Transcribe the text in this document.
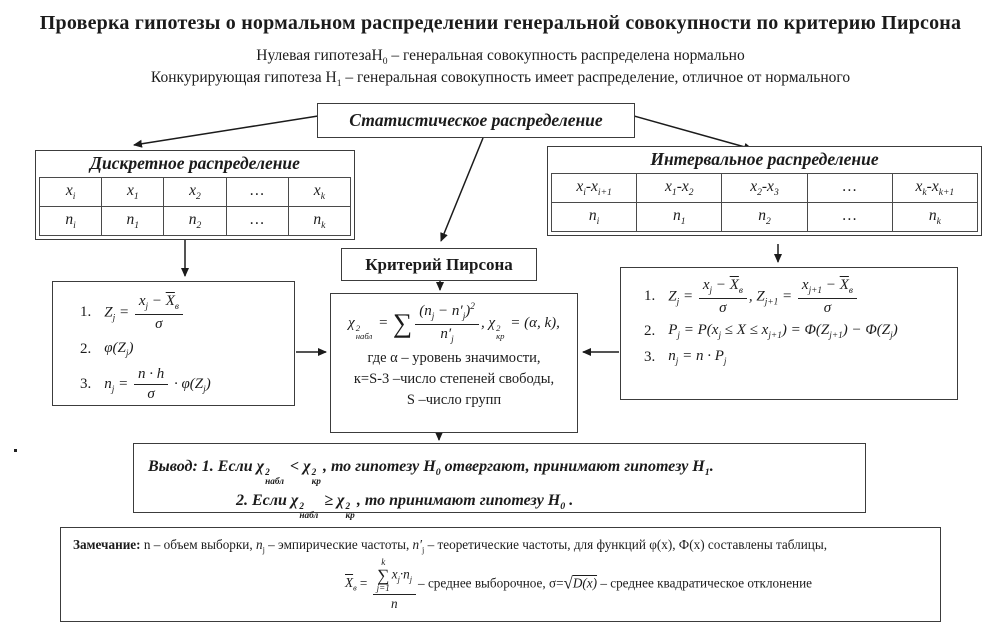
Проверка гипотезы о нормальном распределении генеральной совокупности по критерию Пирсона
Нулевая гипотезаН$_0$ – генеральная совокупность распределена нормально
Конкурирующая гипотеза $Н_1$ – генеральная совокупность имеет распределение, отличное от нормального
Статистическое распределение
Дискретное распределение
$x_i$	$x_1$	$x_2$	…	$x_k$
$n_i$	$n_1$	$n_2$	…	$n_k$
Интервальное распределение
$x_i-x_{i+1}$	$x_1-x_2$	$x_2-x_3$	…	$x_k-x_{k+1}$
$n_i$	$n_1$	$n_2$	…	$n_k$
Критерий Пирсона
1. $Z_j = \frac{x_j - \overline{X}_в}{\sigma}$
2. $\varphi(Z_j)$
3. $n_j = \frac{n \cdot h}{\sigma} \cdot \varphi(Z_j)$
χ 2
набл
= ∑ $\frac{(n_j - n'_j)^2}{n'_j}$ , χ 2
кр
= (α, k),
где α – уровень значимости,
к=S-3 –число степеней свободы,
S –число групп
1. $Z_j = \frac{x_j - \overline{X}_в}{\sigma}$ , $Z_{j+1} = \frac{x_{j+1} - \overline{X}_в}{\sigma}$
2. $P_j = P(x_j \le X \le x_{j+1}) = \Phi(Z_{j+1}) - \Phi(Z_j)$
3. $n_j = n \cdot P_j$
Вывод: 1. Если χ 2
набл
< χ 2
кр
, то гипотезу $H_0$ отвергают, принимают гипотезу $H_1$.
2. Если χ 2
набл
≥ χ 2
кр
, то принимают гипотезу $H_0$ .
Замечание: n – объем выборки, $n_j$ – эмпирические частоты, $n'_j$ – теоретические частоты, для функций φ(x), Ф(x) составлены таблицы,
$\overline{X}_в = k$
∑
j=1
$x_j\cdot n_j$
n – среднее выборочное, σ=√D(x) – среднее квадратическое отклонение
